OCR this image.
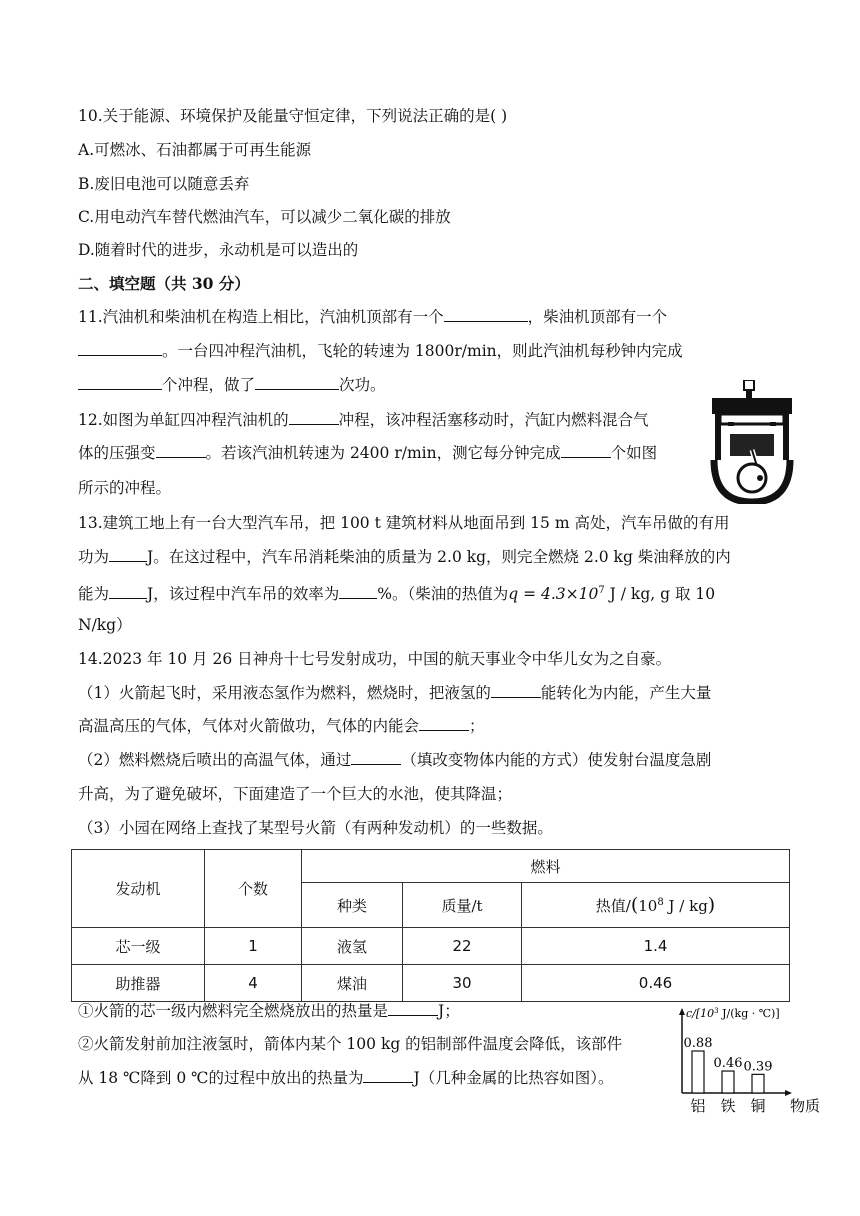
10.关于能源、环境保护及能量守恒定律，下列说法正确的是( )
A.可燃冰、石油都属于可再生能源
B.废旧电池可以随意丢弃
C.用电动汽车替代燃油汽车，可以减少二氧化碳的排放
D.随着时代的进步，永动机是可以造出的
二、填空题（共 30 分）
11.汽油机和柴油机在构造上相比，汽油机顶部有一个	，柴油机顶部有一个
。一台四冲程汽油机，飞轮的转速为 1800r/min，则此汽油机每秒钟内完成
个冲程，做了	次功。
12.如图为单缸四冲程汽油机的	冲程，该冲程活塞移动时，汽缸内燃料混合气
体的压强变	。若该汽油机转速为 2400 r/min，测它每分钟完成	个如图
所示的冲程。
13.建筑工地上有一台大型汽车吊，把 100 t 建筑材料从地面吊到 15 m 高处，汽车吊做的有用
功为 J。在这过程中，汽车吊消耗柴油的质量为 2.0 kg，则完全燃烧 2.0 kg 柴油释放的内
能为 J，该过程中汽车吊的效率为 %。（柴油的热值为$q = 4.3\times 10^7$ J / kg, g 取 10
N/kg）
14.2023 年 10 月 26 日神舟十七号发射成功，中国的航天事业令中华儿女为之自豪。
（1）火箭起飞时，采用液态氢作为燃料，燃烧时，把液氢的	能转化为内能，产生大量
高温高压的气体，气体对火箭做功，气体的内能会	；
（2）燃料燃烧后喷出的高温气体，通过	（填改变物体内能的方式）使发射台温度急剧
升高，为了避免破坏，下面建造了一个巨大的水池，使其降温；
（3）小园在网络上查找了某型号火箭（有两种发动机）的一些数据。
发动机	个数	燃料		
		种类	质量/t	热值$/(10^8$ J / kg)
芯一级	1	液氢	22	1.4
助推器	4	煤油	30	0.46
①火箭的芯一级内燃料完全燃烧放出的热量是	J；
②火箭发射前加注液氢时，箭体内某个 100 kg 的铝制部件温度会降低，该部件
从 18 ℃降到 0 ℃的过程中放出的热量为	J（几种金属的比热容如图）。
$c/[10^3$ J/(kg · ℃)]
0.88
铝
0.46
铁
0.39
铜 物质
